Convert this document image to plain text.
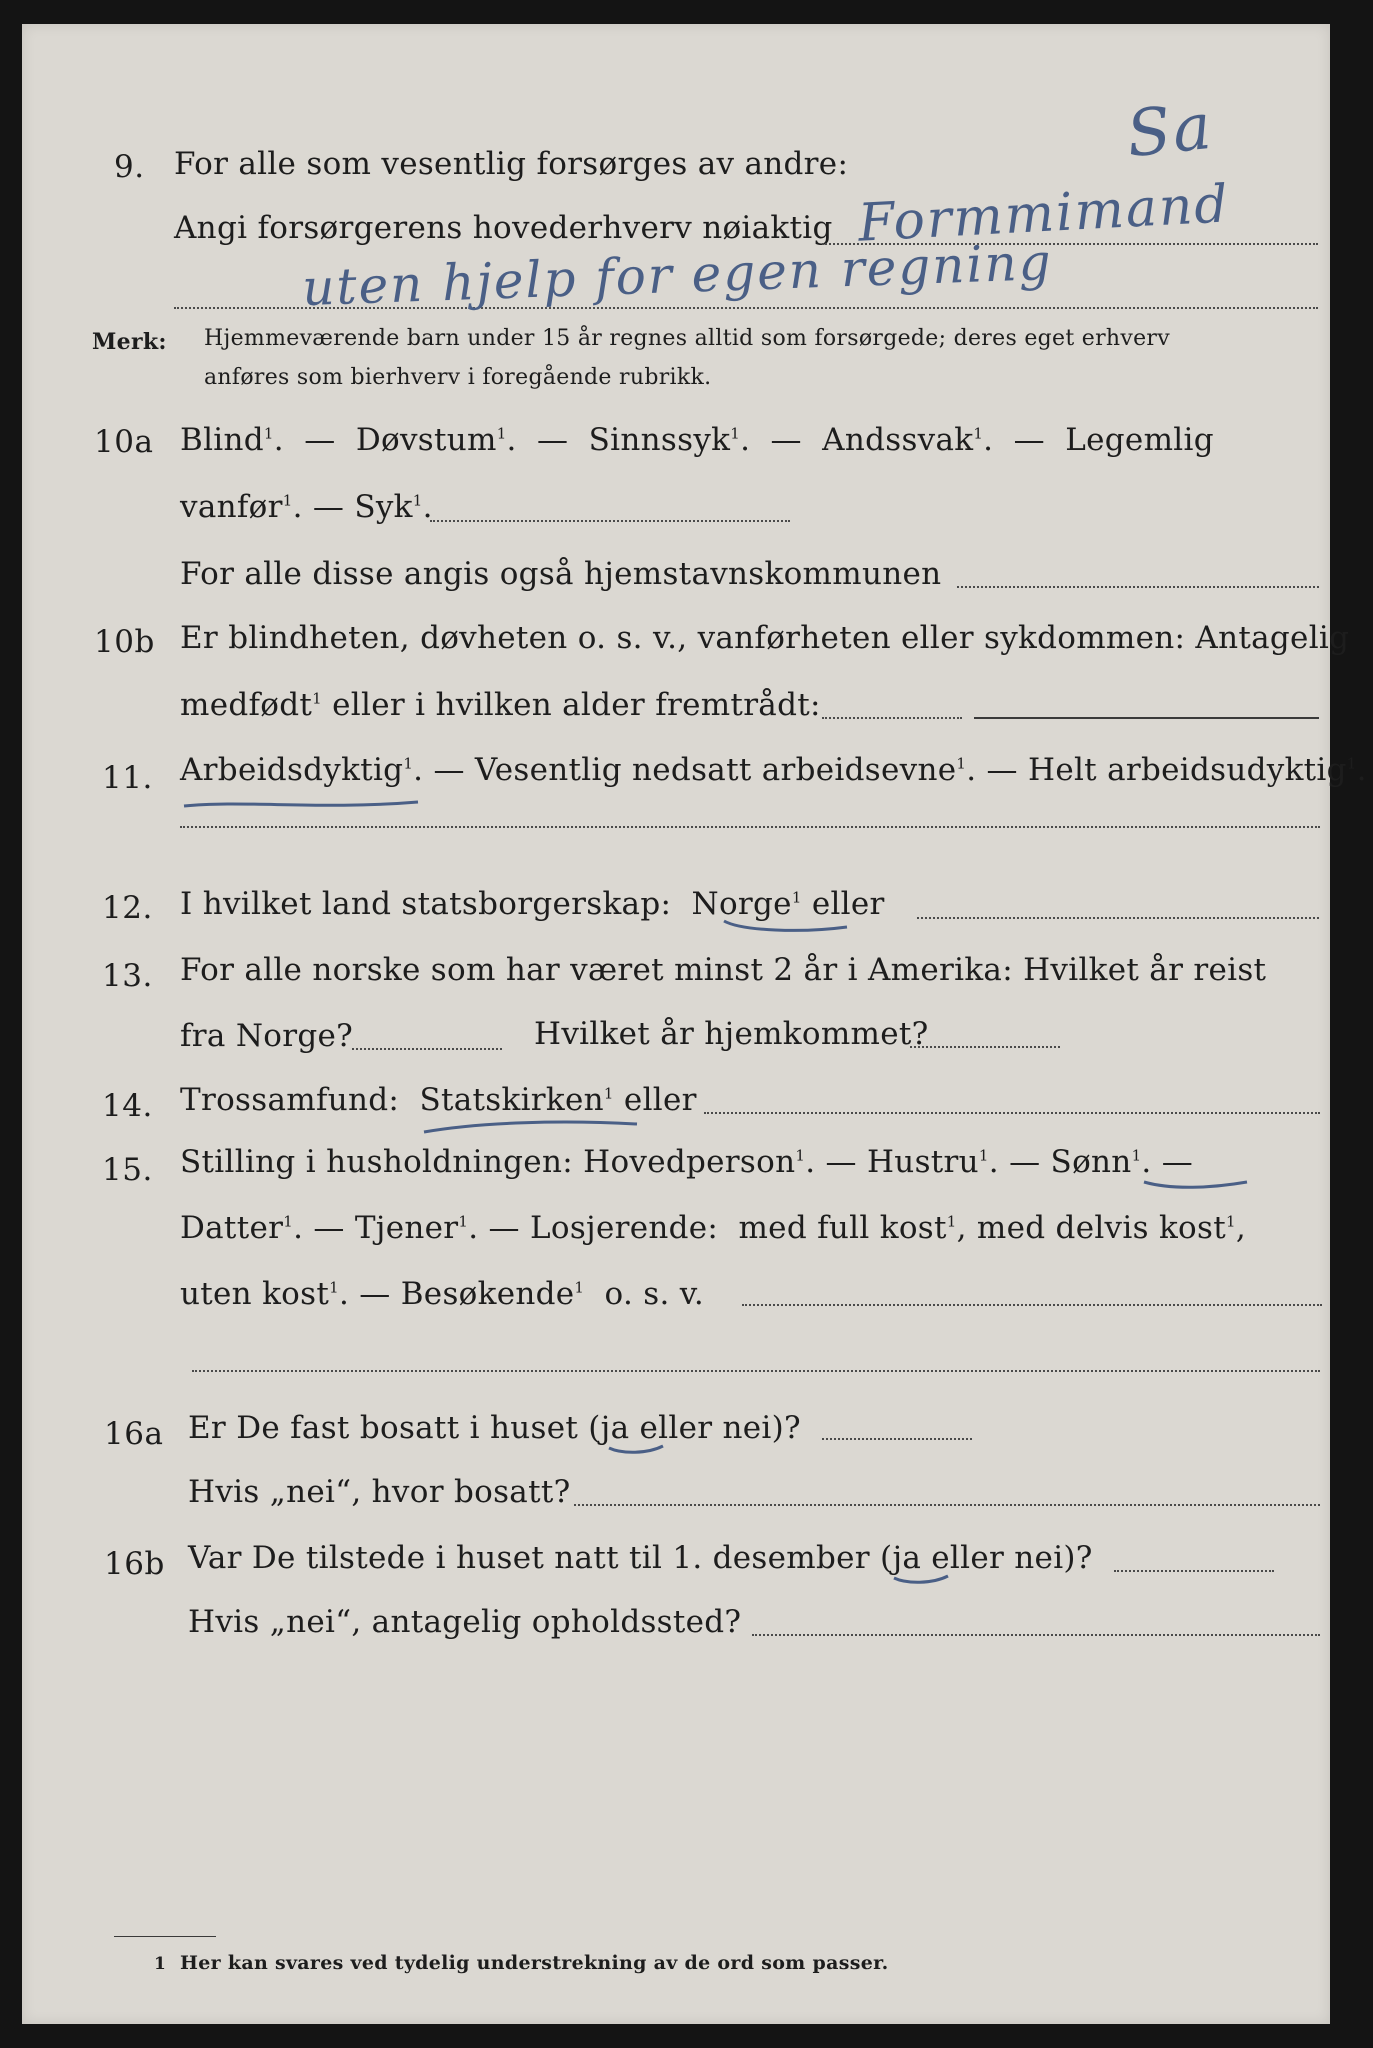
Sa
9. For alle som vesentlig forsørges av andre:
Angi forsørgerens hovederhverv nøiaktig Formmimand
uten hjelp for egen regning
Merk: Hjemmeværende barn under 15 år regnes alltid som forsørgede; deres eget erhverv
anføres som bierhverv i foregående rubrikk.
10a Blind$^1$.  —  Døvstum$^1$.  —  Sinnssyk$^1$.  —  Andssvak$^1$.  —  Legemlig
vanfør$^1$. — Syk$^1$.
For alle disse angis også hjemstavnskommunen
10b Er blindheten, døvheten o. s. v., vanførheten eller sykdommen: Antagelig
medfødt$^1$ eller i hvilken alder fremtrådt:
11. Arbeidsdyktig$^1$. — Vesentlig nedsatt arbeidsevne$^1$. — Helt arbeidsudyktig$^1$.
12. I hvilket land statsborgerskap:  Norge$^1$ eller
13. For alle norske som har været minst 2 år i Amerika: Hvilket år reist
fra Norge?	Hvilket år hjemkommet?
14. Trossamfund:  Statskirken$^1$ eller
15. Stilling i husholdningen: Hovedperson$^1$. — Hustru$^1$. — Sønn$^1$. —
Datter$^1$. — Tjener$^1$. — Losjerende:  med full kost$^1$, med delvis kost$^1$,
uten kost$^1$. — Besøkende$^1$  o. s. v.
16a Er De fast bosatt i huset (ja eller nei)?
Hvis „nei“, hvor bosatt?
16b Var De tilstede i huset natt til 1. desember (ja eller nei)?
Hvis „nei“, antagelig opholdssted?
1 Her kan svares ved tydelig understrekning av de ord som passer.
